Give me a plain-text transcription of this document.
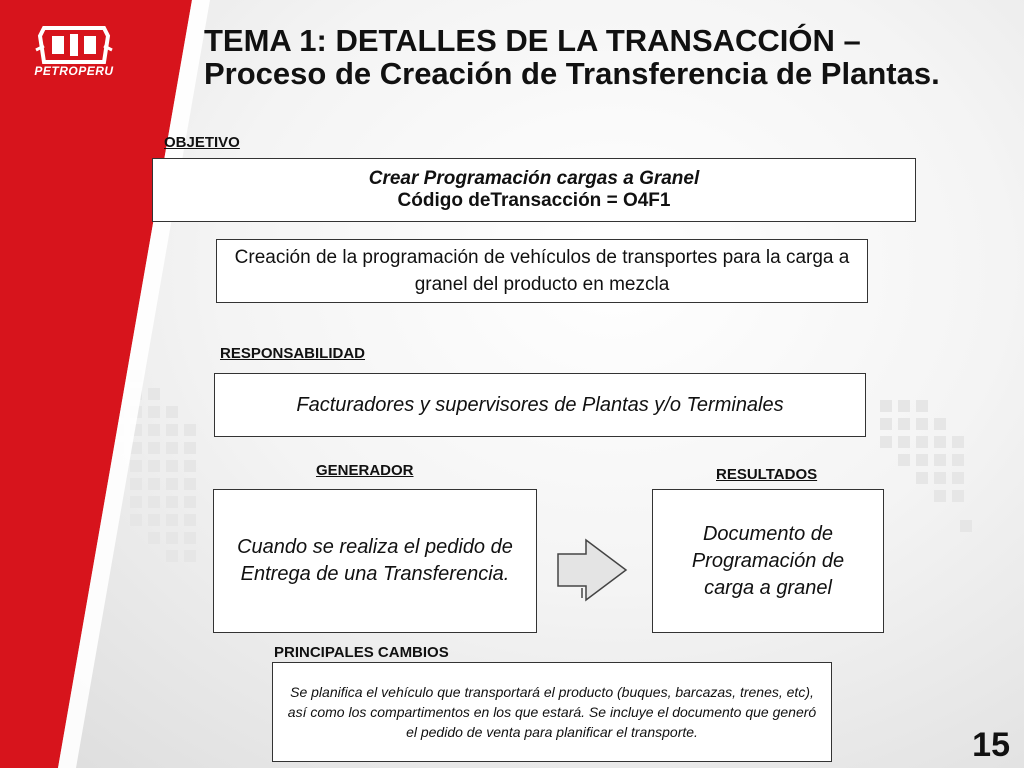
PETROPERU
TEMA 1: DETALLES DE LA TRANSACCIÓN – Proceso de Creación de Transferencia de Plantas.
OBJETIVO
Crear Programación cargas a Granel
Código deTransacción = O4F1
Creación de la programación de vehículos de transportes para la carga a granel del producto en mezcla
RESPONSABILIDAD
Facturadores y supervisores de Plantas y/o Terminales
GENERADOR
Cuando se realiza el pedido de Entrega de una Transferencia.
RESULTADOS
Documento de Programación de carga a granel
PRINCIPALES CAMBIOS
Se planifica el vehículo que transportará el producto (buques, barcazas, trenes, etc), así como los compartimentos en los que estará. Se incluye el documento que generó el pedido de venta para planificar el transporte.	15
